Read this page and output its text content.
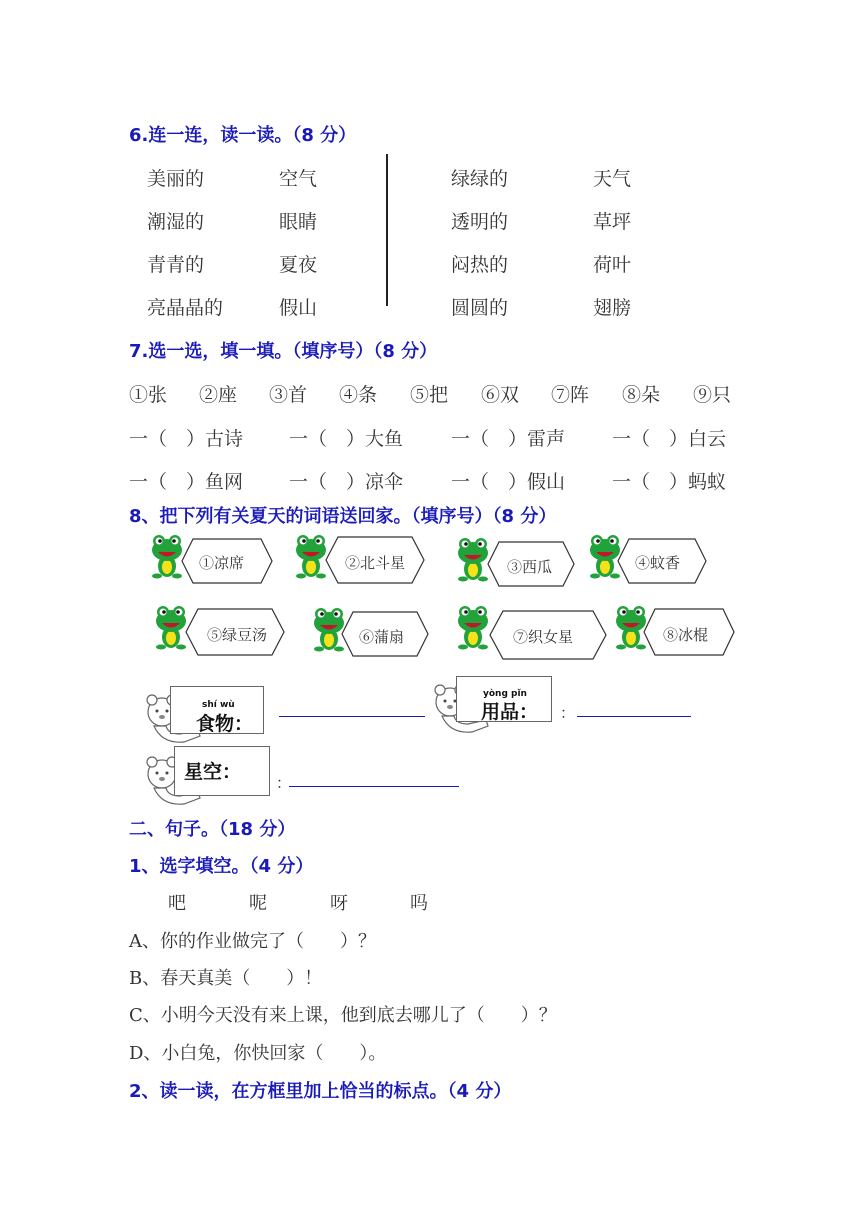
6.连一连，读一读。（8 分）
美丽的	空气
潮湿的	眼睛
青青的	夏夜
亮晶晶的	假山
绿绿的	天气
透明的	草坪
闷热的	荷叶
圆圆的	翅膀
7.选一选，填一填。（填序号）（8 分）
①张 ②座 ③首 ④条 ⑤把 ⑥双 ⑦阵 ⑧朵 ⑨只
一（　）古诗 一（　）大鱼	一（　）雷声 一（　）白云
一（　）鱼网 一（　）凉伞	一（　）假山 一（　）蚂蚁
8、把下列有关夏天的词语送回家。（填序号）（8 分）
①凉席	②北斗星	③西瓜	④蚊香
⑤绿豆汤	⑥蒲扇	⑦织女星	⑧冰棍
shí wù
食物：
yòng pǐn
用品： ：
星空： ：
二、句子。（18 分）
1、选字填空。（4 分）
吧	呢	呀	吗
A、你的作业做完了（　　）？
B、春天真美（　　）！
C、小明今天没有来上课，他到底去哪儿了（　　）？
D、小白兔，你快回家（　　）。
2、读一读，在方框里加上恰当的标点。（4 分）
